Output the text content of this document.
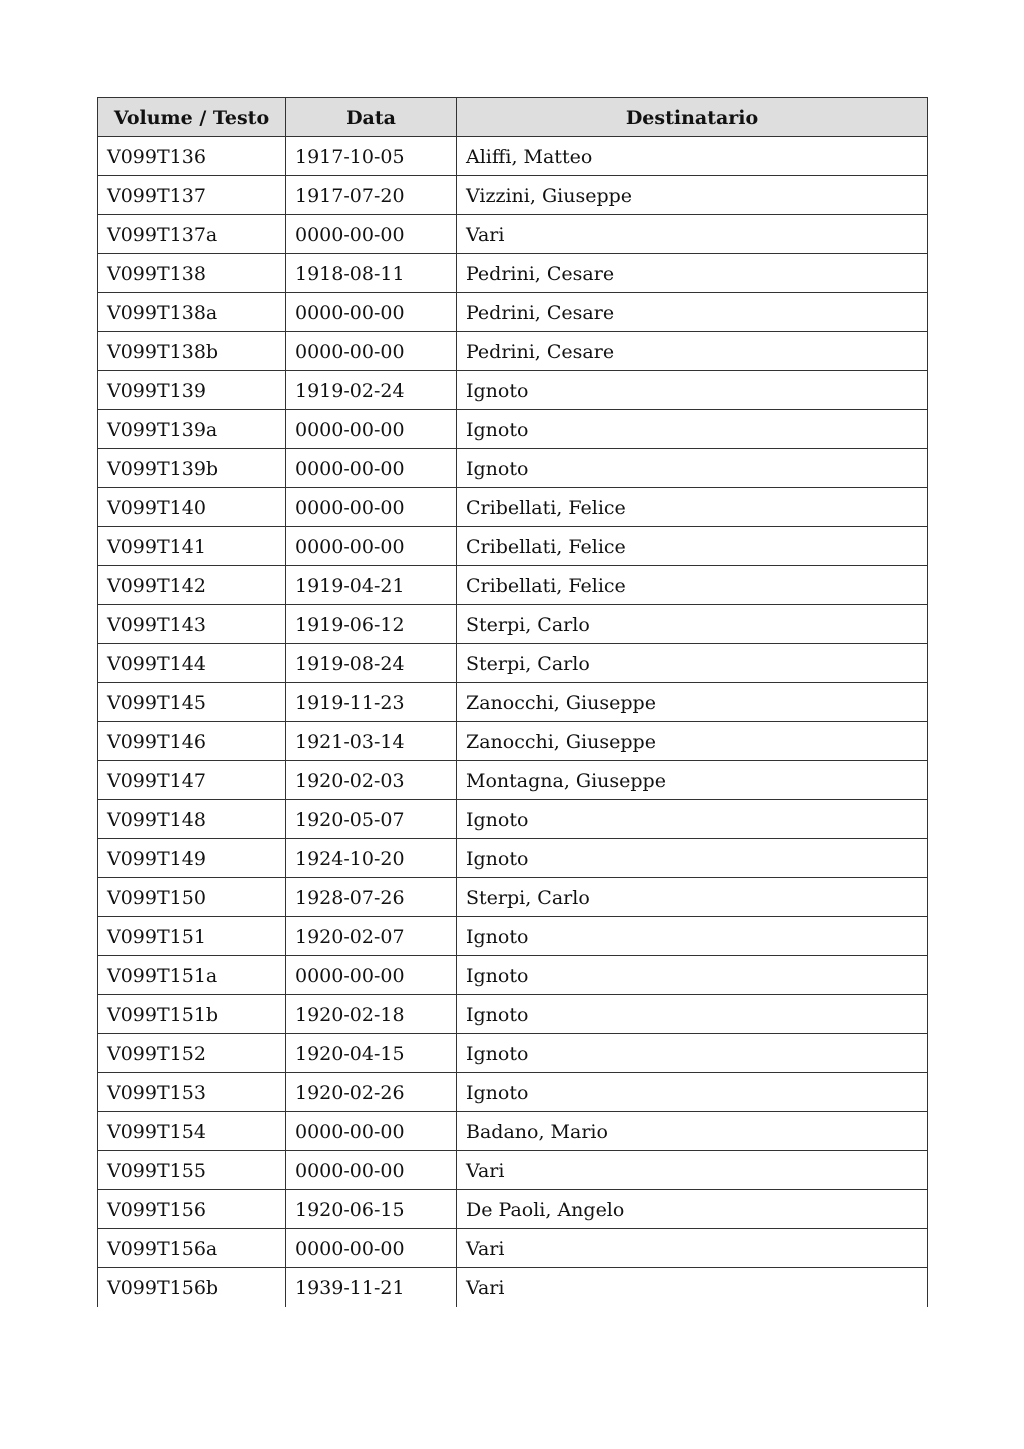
Volume / Testo	Data	Destinatario
V099T136	1917-10-05	Aliffi, Matteo
V099T137	1917-07-20	Vizzini, Giuseppe
V099T137a	0000-00-00	Vari
V099T138	1918-08-11	Pedrini, Cesare
V099T138a	0000-00-00	Pedrini, Cesare
V099T138b	0000-00-00	Pedrini, Cesare
V099T139	1919-02-24	Ignoto
V099T139a	0000-00-00	Ignoto
V099T139b	0000-00-00	Ignoto
V099T140	0000-00-00	Cribellati, Felice
V099T141	0000-00-00	Cribellati, Felice
V099T142	1919-04-21	Cribellati, Felice
V099T143	1919-06-12	Sterpi, Carlo
V099T144	1919-08-24	Sterpi, Carlo
V099T145	1919-11-23	Zanocchi, Giuseppe
V099T146	1921-03-14	Zanocchi, Giuseppe
V099T147	1920-02-03	Montagna, Giuseppe
V099T148	1920-05-07	Ignoto
V099T149	1924-10-20	Ignoto
V099T150	1928-07-26	Sterpi, Carlo
V099T151	1920-02-07	Ignoto
V099T151a	0000-00-00	Ignoto
V099T151b	1920-02-18	Ignoto
V099T152	1920-04-15	Ignoto
V099T153	1920-02-26	Ignoto
V099T154	0000-00-00	Badano, Mario
V099T155	0000-00-00	Vari
V099T156	1920-06-15	De Paoli, Angelo
V099T156a	0000-00-00	Vari
V099T156b	1939-11-21	Vari
